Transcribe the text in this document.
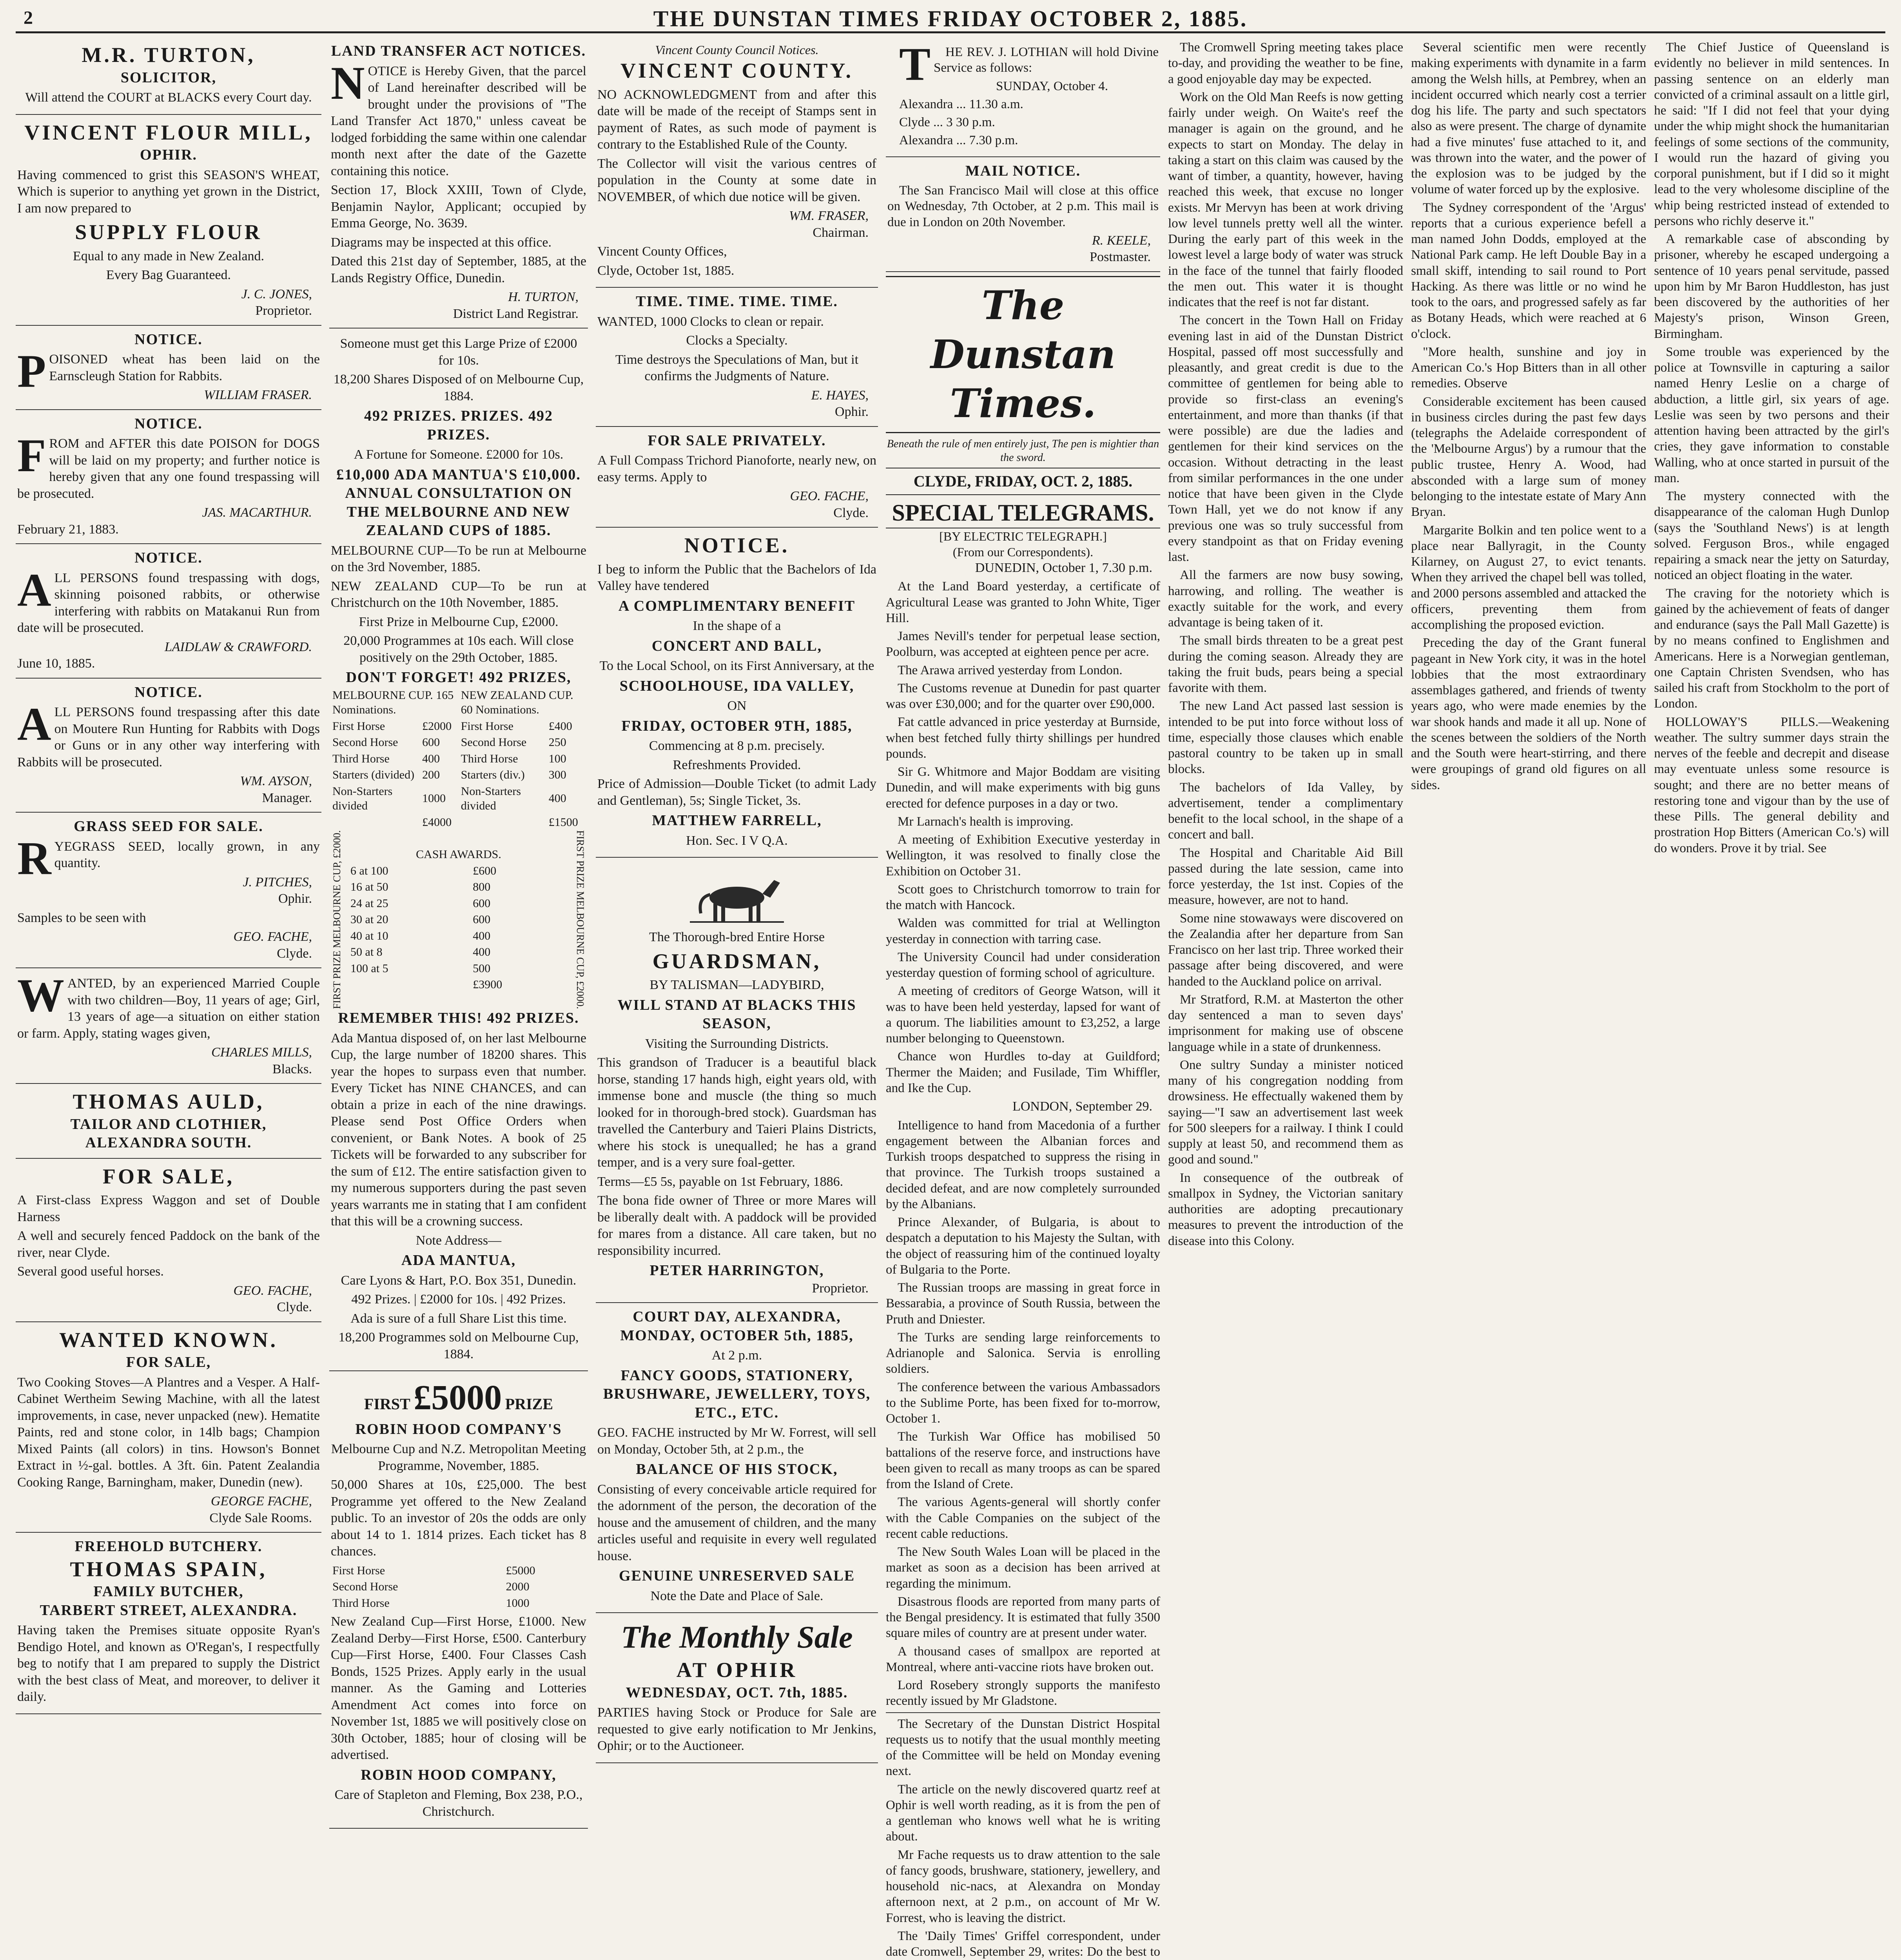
2	THE DUNSTAN TIMES FRIDAY OCTOBER 2, 1885.
M.R. TURTON,
SOLICITOR,

Will attend the COURT at BLACKS every Court day.

VINCENT FLOUR MILL,
OPHIR.

Having commenced to grist this SEASON'S WHEAT, Which is superior to anything yet grown in the District, I am now prepared to

SUPPLY FLOUR

Equal to any made in New Zealand.

Every Bag Guaranteed.

J. C. JONES,
Proprietor.
NOTICE.

POISONED wheat has been laid on the Earnscleugh Station for Rabbits.

WILLIAM FRASER.
NOTICE.

FROM and AFTER this date POISON for DOGS will be laid on my property; and further notice is hereby given that any one found trespassing will be prosecuted.

JAS. MACARTHUR.
February 21, 1883.
NOTICE.

ALL PERSONS found trespassing with dogs, skinning poisoned rabbits, or otherwise interfering with rabbits on Matakanui Run from date will be prosecuted.

LAIDLAW & CRAWFORD.
June 10, 1885.
NOTICE.

ALL PERSONS found trespassing after this date on Moutere Run Hunting for Rabbits with Dogs or Guns or in any other way interfering with Rabbits will be prosecuted.

WM. AYSON,
Manager.
GRASS SEED FOR SALE.

RYEGRASS SEED, locally grown, in any quantity.

J. PITCHES,
Ophir.

Samples to be seen with

GEO. FACHE,
Clyde.

WANTED, by an experienced Married Couple with two children—Boy, 11 years of age; Girl, 13 years of age—a situation on either station or farm. Apply, stating wages given,

CHARLES MILLS,
Blacks.
THOMAS AULD,
TAILOR AND CLOTHIER,
ALEXANDRA SOUTH.
FOR SALE,

A First-class Express Waggon and set of Double Harness

A well and securely fenced Paddock on the bank of the river, near Clyde.

Several good useful horses.

GEO. FACHE,
Clyde.
WANTED KNOWN.
FOR SALE,

Two Cooking Stoves—A Plantres and a Vesper. A Half-Cabinet Wertheim Sewing Machine, with all the latest improvements, in case, never unpacked (new). Hematite Paints, red and stone color, in 14lb bags; Champion Mixed Paints (all colors) in tins. Howson's Bonnet Extract in ½-gal. bottles. A 3ft. 6in. Patent Zealandia Cooking Range, Barningham, maker, Dunedin (new).

GEORGE FACHE,
Clyde Sale Rooms.
FREEHOLD BUTCHERY.
THOMAS SPAIN,
FAMILY BUTCHER,
TARBERT STREET, ALEXANDRA.

Having taken the Premises situate opposite Ryan's Bendigo Hotel, and known as O'Regan's, I respectfully beg to notify that I am prepared to supply the District with the best class of Meat, and moreover, to deliver it daily.

LAND TRANSFER ACT NOTICES.

NOTICE is Hereby Given, that the parcel of Land hereinafter described will be brought under the provisions of "The Land Transfer Act 1870," unless caveat be lodged forbidding the same within one calendar month next after the date of the Gazette containing this notice.

Section 17, Block XXIII, Town of Clyde, Benjamin Naylor, Applicant; occupied by Emma George, No. 3639.

Diagrams may be inspected at this office.

Dated this 21st day of September, 1885, at the Lands Registry Office, Dunedin.

H. TURTON,
District Land Registrar.

Someone must get this Large Prize of £2000 for 10s.

18,200 Shares Disposed of on Melbourne Cup, 1884.

492 PRIZES. PRIZES. 492 PRIZES.

A Fortune for Someone. £2000 for 10s.

£10,000 ADA MANTUA'S £10,000.
ANNUAL CONSULTATION ON THE MELBOURNE AND NEW ZEALAND CUPS of 1885.

MELBOURNE CUP—To be run at Melbourne on the 3rd November, 1885.

NEW ZEALAND CUP—To be run at Christchurch on the 10th November, 1885.

First Prize in Melbourne Cup, £2000.

20,000 Programmes at 10s each. Will close positively on the 29th October, 1885.

DON'T FORGET! 492 PRIZES,
MELBOURNE CUP. 165 Nominations.		NEW ZEALAND CUP. 60 Nominations.	
First Horse	£2000	First Horse	£400
Second Horse	600	Second Horse	250
Third Horse	400	Third Horse	100
Starters (divided)	200	Starters (div.)	300
Non-Starters divided	1000	Non-Starters divided	400
	£4000		£1500
FIRST PRIZE MELBOURNE CUP, £2000.	CASH AWARDS.	
6 at 100	£600
16 at 50	800
24 at 25	600
30 at 20	600
40 at 10	400
50 at 8	400
100 at 5	500
	£3900	FIRST PRIZE MELBOURNE CUP, £2000.
REMEMBER THIS! 492 PRIZES.

Ada Mantua disposed of, on her last Melbourne Cup, the large number of 18200 shares. This year the hopes to surpass even that number. Every Ticket has NINE CHANCES, and can obtain a prize in each of the nine drawings. Please send Post Office Orders when convenient, or Bank Notes. A book of 25 Tickets will be forwarded to any subscriber for the sum of £12. The entire satisfaction given to my numerous supporters during the past seven years warrants me in stating that I am confident that this will be a crowning success.

Note Address—

ADA MANTUA,

Care Lyons & Hart, P.O. Box 351, Dunedin.

492 Prizes. | £2000 for 10s. | 492 Prizes.

Ada is sure of a full Share List this time.

18,200 Programmes sold on Melbourne Cup, 1884.

FIRST £5000 PRIZE
ROBIN HOOD COMPANY'S

Melbourne Cup and N.Z. Metropolitan Meeting Programme, November, 1885.

50,000 Shares at 10s, £25,000. The best Programme yet offered to the New Zealand public. To an investor of 20s the odds are only about 14 to 1. 1814 prizes. Each ticket has 8 chances.

First Horse	£5000
Second Horse	2000
Third Horse	1000

New Zealand Cup—First Horse, £1000. New Zealand Derby—First Horse, £500. Canterbury Cup—First Horse, £400. Four Classes Cash Bonds, 1525 Prizes. Apply early in the usual manner. As the Gaming and Lotteries Amendment Act comes into force on November 1st, 1885 we will positively close on 30th October, 1885; hour of closing will be advertised.

ROBIN HOOD COMPANY,

Care of Stapleton and Fleming, Box 238, P.O., Christchurch.

Vincent County Council Notices.
VINCENT COUNTY.

NO ACKNOWLEDGMENT from and after this date will be made of the receipt of Stamps sent in payment of Rates, as such mode of payment is contrary to the Established Rule of the County.

The Collector will visit the various centres of population in the County at some date in NOVEMBER, of which due notice will be given.

WM. FRASER,
Chairman.

Vincent County Offices,

Clyde, October 1st, 1885.

TIME. TIME. TIME. TIME.

WANTED, 1000 Clocks to clean or repair.

Clocks a Specialty.

Time destroys the Speculations of Man, but it confirms the Judgments of Nature.

E. HAYES,
Ophir.
FOR SALE PRIVATELY.

A Full Compass Trichord Pianoforte, nearly new, on easy terms. Apply to

GEO. FACHE,
Clyde.
NOTICE.

I beg to inform the Public that the Bachelors of Ida Valley have tendered

A COMPLIMENTARY BENEFIT

In the shape of a

CONCERT AND BALL,

To the Local School, on its First Anniversary, at the

SCHOOLHOUSE, IDA VALLEY,

ON

FRIDAY, OCTOBER 9TH, 1885,

Commencing at 8 p.m. precisely.

Refreshments Provided.

Price of Admission—Double Ticket (to admit Lady and Gentleman), 5s; Single Ticket, 3s.

MATTHEW FARRELL,

Hon. Sec. I V Q.A.

The Thorough-bred Entire Horse

GUARDSMAN,

BY TALISMAN—LADYBIRD,

WILL STAND AT BLACKS THIS SEASON,

Visiting the Surrounding Districts.

This grandson of Traducer is a beautiful black horse, standing 17 hands high, eight years old, with immense bone and muscle (the thing so much looked for in thorough-bred stock). Guardsman has travelled the Canterbury and Taieri Plains Districts, where his stock is unequalled; he has a grand temper, and is a very sure foal-getter.

Terms—£5 5s, payable on 1st February, 1886.

The bona fide owner of Three or more Mares will be liberally dealt with. A paddock will be provided for mares from a distance. All care taken, but no responsibility incurred.

PETER HARRINGTON,
Proprietor.
COURT DAY, ALEXANDRA, MONDAY, OCTOBER 5th, 1885,

At 2 p.m.

FANCY GOODS, STATIONERY, BRUSHWARE, JEWELLERY, TOYS, ETC., ETC.

GEO. FACHE instructed by Mr W. Forrest, will sell on Monday, October 5th, at 2 p.m., the

BALANCE OF HIS STOCK,

Consisting of every conceivable article required for the adornment of the person, the decoration of the house and the amusement of children, and the many articles useful and requisite in every well regulated house.

GENUINE UNRESERVED SALE

Note the Date and Place of Sale.

The Monthly Sale
AT OPHIR
WEDNESDAY, OCT. 7th, 1885.

PARTIES having Stock or Produce for Sale are requested to give early notification to Mr Jenkins, Ophir; or to the Auctioneer.

THE REV. J. LOTHIAN will hold Divine Service as follows:

SUNDAY, October 4.

Alexandra ... 11.30 a.m.

Clyde ... 3 30 p.m.

Alexandra ... 7.30 p.m.

MAIL NOTICE.

The San Francisco Mail will close at this office on Wednesday, 7th October, at 2 p.m. This mail is due in London on 20th November.

R. KEELE,
Postmaster.
The Dunstan Times.
Beneath the rule of men entirely just, The pen is mightier than the sword.
CLYDE, FRIDAY, OCT. 2, 1885.
SPECIAL TELEGRAMS.
[BY ELECTRIC TELEGRAPH.]
(From our Correspondents).
DUNEDIN, October 1, 7.30 p.m.

At the Land Board yesterday, a certificate of Agricultural Lease was granted to John White, Tiger Hill.

James Nevill's tender for perpetual lease section, Poolburn, was accepted at eighteen pence per acre.

The Arawa arrived yesterday from London.

The Customs revenue at Dunedin for past quarter was over £30,000; and for the quarter over £90,000.

Fat cattle advanced in price yesterday at Burnside, when best fetched fully thirty shillings per hundred pounds.

Sir G. Whitmore and Major Boddam are visiting Dunedin, and will make experiments with big guns erected for defence purposes in a day or two.

Mr Larnach's health is improving.

A meeting of Exhibition Executive yesterday in Wellington, it was resolved to finally close the Exhibition on October 31.

Scott goes to Christchurch tomorrow to train for the match with Hancock.

Walden was committed for trial at Wellington yesterday in connection with tarring case.

The University Council had under consideration yesterday question of forming school of agriculture.

A meeting of creditors of George Watson, will it was to have been held yesterday, lapsed for want of a quorum. The liabilities amount to £3,252, a large number belonging to Queenstown.

Chance won Hurdles to-day at Guildford; Thermer the Maiden; and Fusilade, Tim Whiffler, and Ike the Cup.

LONDON, September 29.

Intelligence to hand from Macedonia of a further engagement between the Albanian forces and Turkish troops despatched to suppress the rising in that province. The Turkish troops sustained a decided defeat, and are now completely surrounded by the Albanians.

Prince Alexander, of Bulgaria, is about to despatch a deputation to his Majesty the Sultan, with the object of reassuring him of the continued loyalty of Bulgaria to the Porte.

The Russian troops are massing in great force in Bessarabia, a province of South Russia, between the Pruth and Dniester.

The Turks are sending large reinforcements to Adrianople and Salonica. Servia is enrolling soldiers.

The conference between the various Ambassadors to the Sublime Porte, has been fixed for to-morrow, October 1.

The Turkish War Office has mobilised 50 battalions of the reserve force, and instructions have been given to recall as many troops as can be spared from the Island of Crete.

The various Agents-general will shortly confer with the Cable Companies on the subject of the recent cable reductions.

The New South Wales Loan will be placed in the market as soon as a decision has been arrived at regarding the minimum.

Disastrous floods are reported from many parts of the Bengal presidency. It is estimated that fully 3500 square miles of country are at present under water.

A thousand cases of smallpox are reported at Montreal, where anti-vaccine riots have broken out.

Lord Rosebery strongly supports the manifesto recently issued by Mr Gladstone.

The Secretary of the Dunstan District Hospital requests us to notify that the usual monthly meeting of the Committee will be held on Monday evening next.

The article on the newly discovered quartz reef at Ophir is well worth reading, as it is from the pen of a gentleman who knows well what he is writing about.

Mr Fache requests us to draw attention to the sale of fancy goods, brushware, stationery, jewellery, and household nic-nacs, at Alexandra on Monday afternoon next, at 2 p.m., on account of Mr W. Forrest, who is leaving the district.

The 'Daily Times' Griffel correspondent, under date Cromwell, September 29, writes: Do the best to

The Cromwell Spring meeting takes place to-day, and providing the weather to be fine, a good enjoyable day may be expected.

Work on the Old Man Reefs is now getting fairly under weigh. On Waite's reef the manager is again on the ground, and he expects to start on Monday. The delay in taking a start on this claim was caused by the want of timber, a quantity, however, having reached this week, that excuse no longer exists. Mr Mervyn has been at work driving low level tunnels pretty well all the winter. During the early part of this week in the lowest level a large body of water was struck in the face of the tunnel that fairly flooded the men out. This water it is thought indicates that the reef is not far distant.

The concert in the Town Hall on Friday evening last in aid of the Dunstan District Hospital, passed off most successfully and pleasantly, and great credit is due to the committee of gentlemen for being able to provide so first-class an evening's entertainment, and more than thanks (if that were possible) are due the ladies and gentlemen for their kind services on the occasion. Without detracting in the least from similar performances in the one under notice that have been given in the Clyde Town Hall, yet we do not know if any previous one was so truly successful from every standpoint as that on Friday evening last.

All the farmers are now busy sowing, harrowing, and rolling. The weather is exactly suitable for the work, and every advantage is being taken of it.

The small birds threaten to be a great pest during the coming season. Already they are taking the fruit buds, pears being a special favorite with them.

The new Land Act passed last session is intended to be put into force without loss of time, especially those clauses which enable pastoral country to be taken up in small blocks.

The bachelors of Ida Valley, by advertisement, tender a complimentary benefit to the local school, in the shape of a concert and ball.

The Hospital and Charitable Aid Bill passed during the late session, came into force yesterday, the 1st inst. Copies of the measure, however, are not to hand.

Some nine stowaways were discovered on the Zealandia after her departure from San Francisco on her last trip. Three worked their passage after being discovered, and were handed to the Auckland police on arrival.

Mr Stratford, R.M. at Masterton the other day sentenced a man to seven days' imprisonment for making use of obscene language while in a state of drunkenness.

One sultry Sunday a minister noticed many of his congregation nodding from drowsiness. He effectually wakened them by saying—"I saw an advertisement last week for 500 sleepers for a railway. I think I could supply at least 50, and recommend them as good and sound."

In consequence of the outbreak of smallpox in Sydney, the Victorian sanitary authorities are adopting precautionary measures to prevent the introduction of the disease into this Colony.

Several scientific men were recently making experiments with dynamite in a farm among the Welsh hills, at Pembrey, when an incident occurred which nearly cost a terrier dog his life. The party and such spectators also as were present. The charge of dynamite had a five minutes' fuse attached to it, and was thrown into the water, and the power of the explosion was to be judged by the volume of water forced up by the explosive.

The Sydney correspondent of the 'Argus' reports that a curious experience befell a man named John Dodds, employed at the National Park camp. He left Double Bay in a small skiff, intending to sail round to Port Hacking. As there was little or no wind he took to the oars, and progressed safely as far as Botany Heads, which were reached at 6 o'clock.

"More health, sunshine and joy in American Co.'s Hop Bitters than in all other remedies. Observe

Considerable excitement has been caused in business circles during the past few days (telegraphs the Adelaide correspondent of the 'Melbourne Argus') by a rumour that the public trustee, Henry A. Wood, had absconded with a large sum of money belonging to the intestate estate of Mary Ann Bryan.

Margarite Bolkin and ten police went to a place near Ballyragit, in the County Kilarney, on August 27, to evict tenants. When they arrived the chapel bell was tolled, and 2000 persons assembled and attacked the officers, preventing them from accomplishing the proposed eviction.

Preceding the day of the Grant funeral pageant in New York city, it was in the hotel lobbies that the most extraordinary assemblages gathered, and friends of twenty years ago, who were made enemies by the war shook hands and made it all up. None of the scenes between the soldiers of the North and the South were heart-stirring, and there were groupings of grand old figures on all sides.

The Chief Justice of Queensland is evidently no believer in mild sentences. In passing sentence on an elderly man convicted of a criminal assault on a little girl, he said: "If I did not feel that your dying under the whip might shock the humanitarian feelings of some sections of the community, I would run the hazard of giving you corporal punishment, but if I did so it might lead to the very wholesome discipline of the whip being restricted instead of extended to persons who richly deserve it."

A remarkable case of absconding by prisoner, whereby he escaped undergoing a sentence of 10 years penal servitude, passed upon him by Mr Baron Huddleston, has just been discovered by the authorities of her Majesty's prison, Winson Green, Birmingham.

Some trouble was experienced by the police at Townsville in capturing a sailor named Henry Leslie on a charge of abduction, a little girl, six years of age. Leslie was seen by two persons and their attention having been attracted by the girl's cries, they gave information to constable Walling, who at once started in pursuit of the man.

The mystery connected with the disappearance of the caloman Hugh Dunlop (says the 'Southland News') is at length solved. Ferguson Bros., while engaged repairing a smack near the jetty on Saturday, noticed an object floating in the water.

The craving for the notoriety which is gained by the achievement of feats of danger and endurance (says the Pall Mall Gazette) is by no means confined to Englishmen and Americans. Here is a Norwegian gentleman, one Captain Christen Svendsen, who has sailed his craft from Stockholm to the port of London.

HOLLOWAY'S PILLS.—Weakening weather. The sultry summer days strain the nerves of the feeble and decrepit and disease may eventuate unless some resource is sought; and there are no better means of restoring tone and vigour than by the use of these Pills. The general debility and prostration Hop Bitters (American Co.'s) will do wonders. Prove it by trial. See
